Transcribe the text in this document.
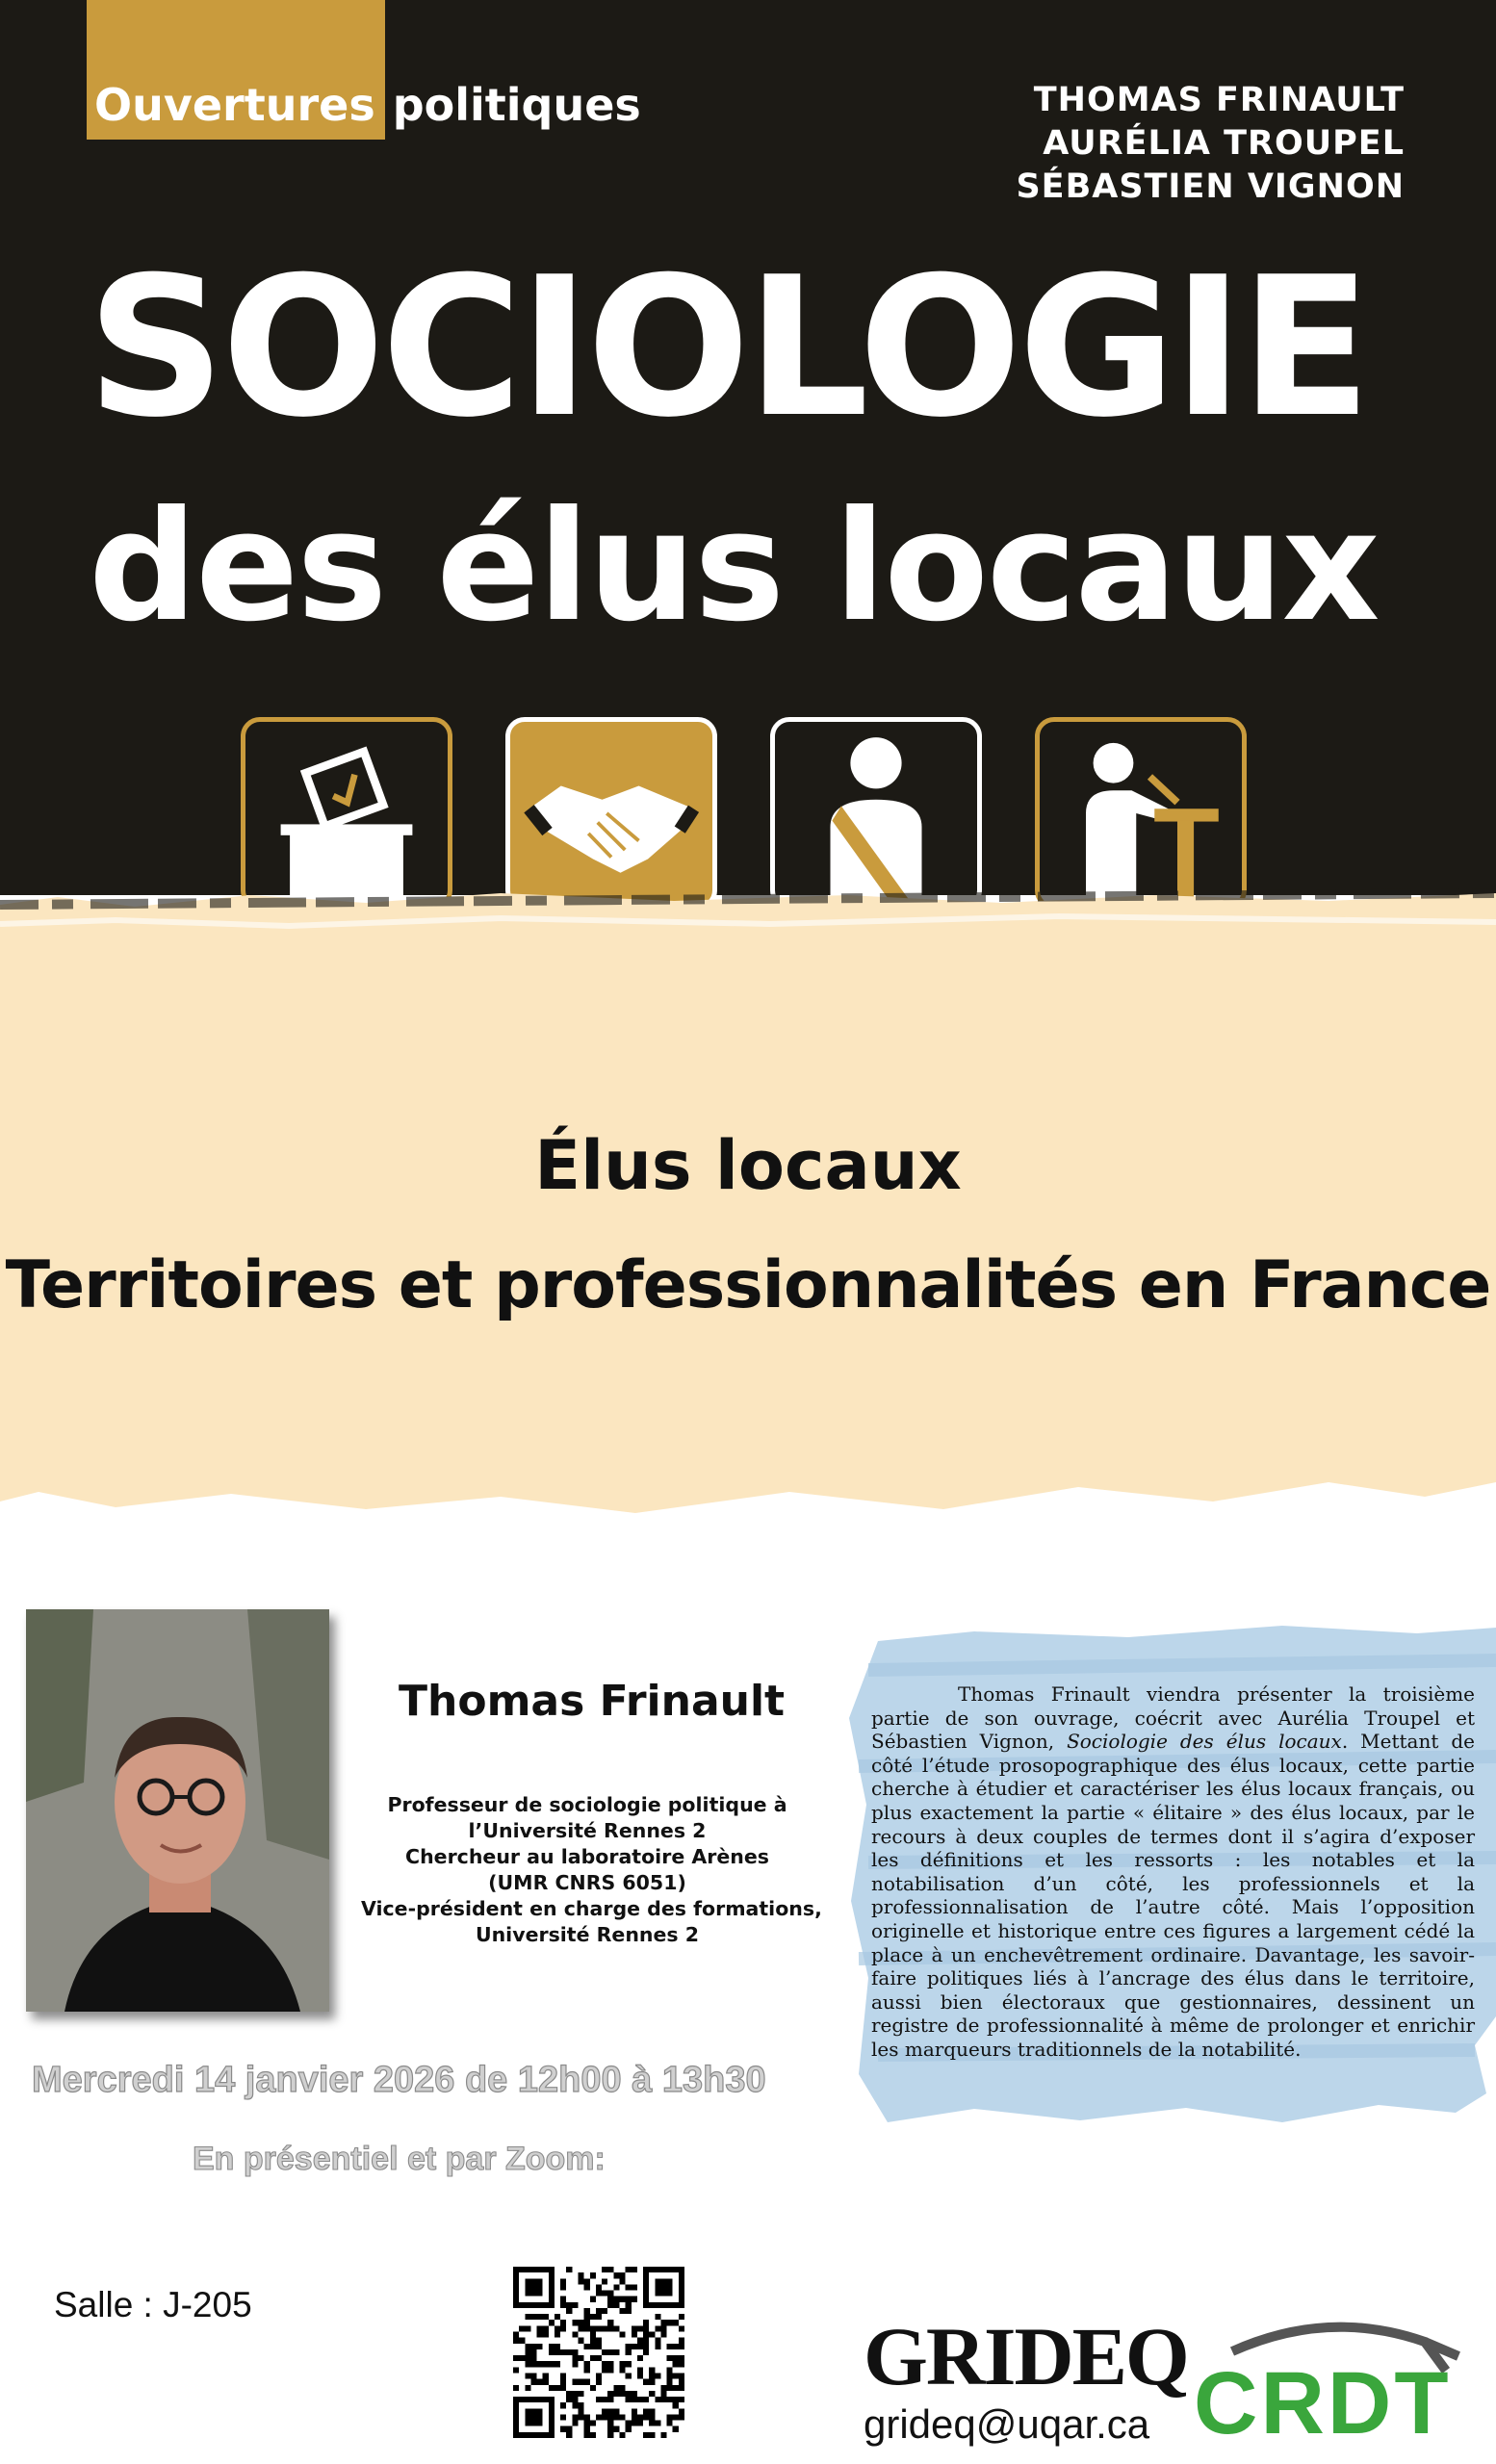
Ouvertures politiques	THOMAS FRINAULT
AURÉLIA TROUPEL
SÉBASTIEN VIGNON
SOCIOLOGIE
des élus locaux
Élus locaux
Territoires et professionnalités en France
Thomas Frinault
Professeur de sociologie politique à
l’Université Rennes 2
Chercheur au laboratoire Arènes
(UMR CNRS 6051)
Vice-président en charge des formations,
Université Rennes 2
Thomas Frinault viendra présenter la troisième partie de son ouvrage, coécrit avec Aurélia Troupel et Sébastien Vignon, Sociologie des élus locaux. Mettant de côté l’étude prosopographique des élus locaux, cette partie cherche à étudier et caractériser les élus locaux français, ou plus exactement la partie « élitaire » des élus locaux, par le recours à deux couples de termes dont il s’agira d’exposer les définitions et les ressorts : les notables et la notabilisation d’un côté, les professionnels et la professionnalisation de l’autre côté. Mais l’opposition originelle et historique entre ces figures a largement cédé la place à un enchevêtrement ordinaire. Davantage, les savoir-faire politiques liés à l’ancrage des élus dans le territoire, aussi bien électoraux que gestionnaires, dessinent un registre de professionnalité à même de prolonger et enrichir les marqueurs traditionnels de la notabilité.
Mercredi 14 janvier 2026 de 12h00 à 13h30
En présentiel et par Zoom:
Salle : J-205
GRIDEQ
grideq@uqar.ca CRDT
